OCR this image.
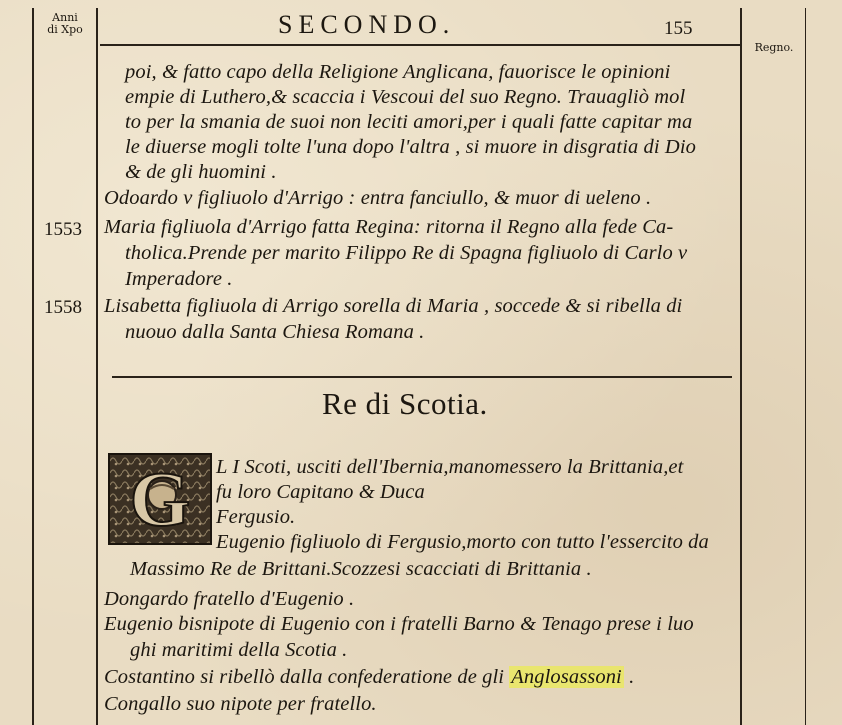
Anni
di Xpo	SECONDO.	155
Regno.
poi, & fatto capo della Religione Anglicana, fauorisce le opinioni
empie di Luthero,& scaccia i Vescoui del suo Regno. Trauagliò mol
to per la smania de suoi non leciti amori,per i quali fatte capitar ma
le diuerse mogli tolte l'una dopo l'altra , si muore in disgratia di Dio
& de gli huomini .
Odoardo v figliuolo d'Arrigo : entra fanciullo, & muor di ueleno .
1553 Maria figliuola d'Arrigo fatta Regina: ritorna il Regno alla fede Ca-
tholica.Prende per marito Filippo Re di Spagna figliuolo di Carlo v
Imperadore .
1558 Lisabetta figliuola di Arrigo sorella di Maria , soccede & si ribella di
nuouo dalla Santa Chiesa Romana .
Re di Scotia.
G L I Scoti, usciti dell'Ibernia,manomessero la Brittania,et
fu loro Capitano & Duca
Fergusio.
Eugenio figliuolo di Fergusio,morto con tutto l'essercito da
Massimo Re de Brittani.Scozzesi scacciati di Brittania .
Dongardo fratello d'Eugenio .
Eugenio bisnipote di Eugenio con i fratelli Barno & Tenago prese i luo
ghi maritimi della Scotia .
Costantino si ribellò dalla confederatione de gli Anglosassoni .
Congallo suo nipote per fratello.
